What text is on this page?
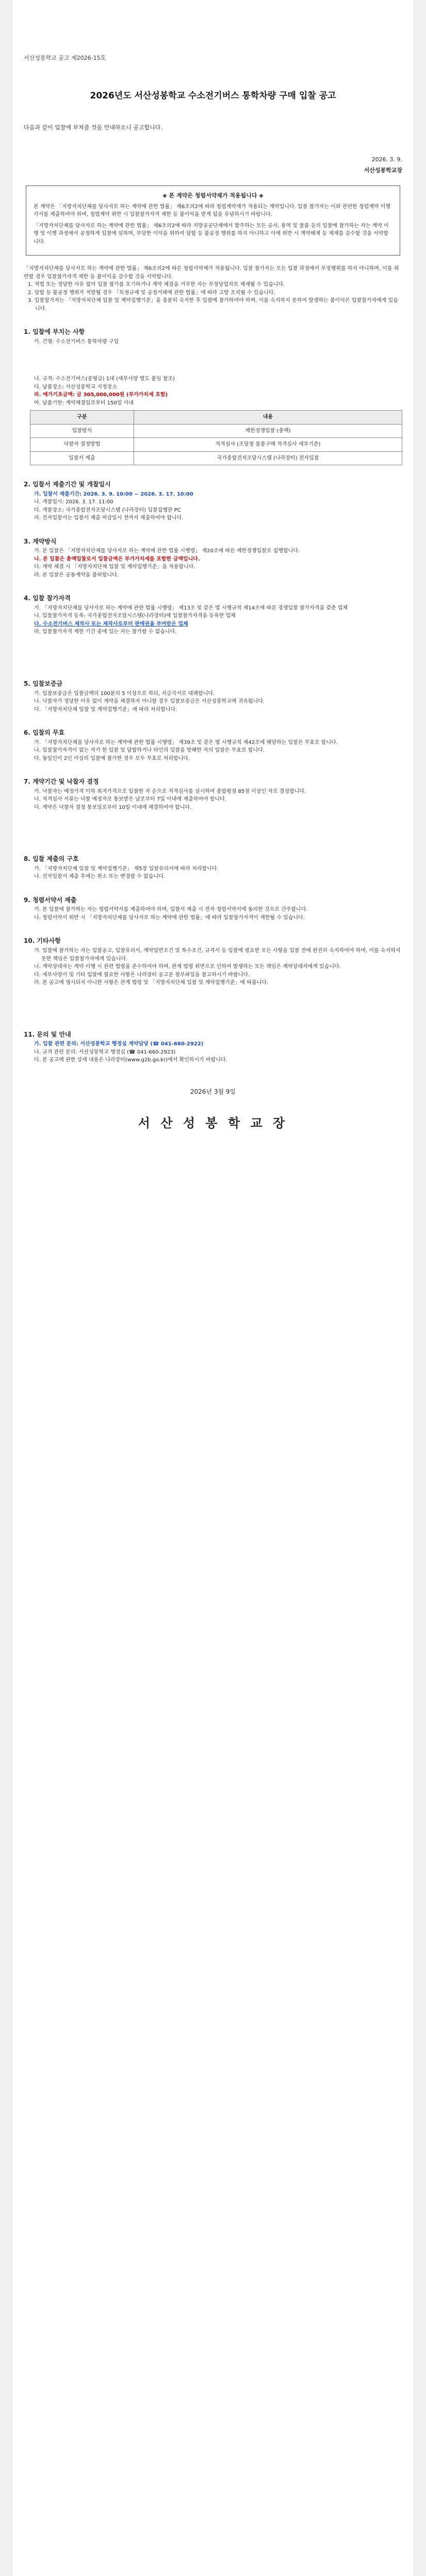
서산성봉학교 공고 제2026-15호
2026년도 서산성봉학교 수소전기버스 통학차량 구매 입찰 공고
다음과 같이 입찰에 부쳐줄 것을 안내하오니 공고합니다.
2026. 3. 9.
서산성봉학교장
◈ 본 계약은 청렴서약제가 적용됩니다 ◈

본 계약은 「지방자치단체를 당사자로 하는 계약에 관한 법률」 제6조의2에 따라 청렴계약제가 적용되는 계약입니다. 입찰 참가자는 이와 관련한 청렴계약 이행각서를 제출하여야 하며, 청렴계약 위반 시 입찰참가자격 제한 등 불이익을 받게 됨을 유념하시기 바랍니다.

「지방자치단체를 당사자로 하는 계약에 관한 법률」 제6조의2에 따라 지방공공단체에서 발주하는 모든 공사, 용역 및 물품 등의 입찰에 참가하는 자는 계약 이행 및 이행 과정에서 공정하게 입찰에 임하며, 부당한 이익을 위하여 담합 등 불공정 행위를 하지 아니하고 이에 위반 시 계약해제 등 제재를 감수할 것을 서약합니다.

「지방자치단체를 당사자로 하는 계약에 관한 법률」 제6조의2에 따른 청렴서약제가 적용됩니다. 입찰 참가자는 모든 입찰 과정에서 부정행위를 하지 아니하며, 이를 위반할 경우 입찰참가자격 제한 등 불이익을 감수할 것을 서약합니다.
1. 적법 또는 정당한 사유 없이 입찰 참가를 포기하거나 계약 체결을 거부한 자는 부정당업자로 제재될 수 있습니다.
2. 담합 등 불공정 행위가 적발될 경우 「독점규제 및 공정거래에 관한 법률」에 따라 고발 조치될 수 있습니다.
3. 입찰참가자는 「지방자치단체 입찰 및 계약집행기준」을 충분히 숙지한 후 입찰에 참가하여야 하며, 이를 숙지하지 못하여 발생하는 불이익은 입찰참가자에게 있습니다.
1. 입찰에 부치는 사항
가. 건명: 수소전기버스 통학차량 구입
나. 규격: 수소전기버스(중형급) 1대 (세부사양 별도 붙임 참조)
다. 납품장소: 서산성봉학교 지정장소
라. 예가기초금액: 금 305,000,000원 (부가가치세 포함)
마. 납품기한: 계약체결일로부터 150일 이내
구분	내용
입찰방식	제한경쟁입찰 (총액)
낙찰자 결정방법	적격심사 (조달청 물품구매 적격심사 세부기준)
입찰서 제출	국가종합전자조달시스템 (나라장터) 전자입찰
2. 입찰서 제출기간 및 개찰일시
가. 입찰서 제출기간: 2026. 3. 9. 10:00 ~ 2026. 3. 17. 10:00
나. 개찰일시: 2026. 3. 17. 11:00
다. 개찰장소: 국가종합전자조달시스템 (나라장터) 입찰집행관 PC
라. 전자입찰서는 입찰서 제출 마감일시 전까지 제출하여야 합니다.
3. 계약방식
가. 본 입찰은 「지방자치단체를 당사자로 하는 계약에 관한 법률 시행령」 제20조에 따른 제한경쟁입찰로 집행합니다.
나. 본 입찰은 총액입찰로서 입찰금액은 부가가치세를 포함한 금액입니다.
다. 계약 체결 시 「지방자치단체 입찰 및 계약집행기준」을 적용합니다.
라. 본 입찰은 공동계약을 불허합니다.
4. 입찰 참가자격
가. 「지방자치단체를 당사자로 하는 계약에 관한 법률 시행령」 제13조 및 같은 법 시행규칙 제14조에 따른 경쟁입찰 참가자격을 갖춘 업체
나. 입찰참가자격 등록: 국가종합전자조달시스템(나라장터)에 입찰참가자격을 등록한 업체
다. 수소전기버스 제작사 또는 제작사로부터 판매권을 부여받은 업체
라. 입찰참가자격 제한 기간 중에 있는 자는 참가할 수 없습니다.
5. 입찰보증금
가. 입찰보증금은 입찰금액의 100분의 5 이상으로 하되, 지급각서로 대체합니다.
나. 낙찰자가 정당한 이유 없이 계약을 체결하지 아니할 경우 입찰보증금은 서산성봉학교에 귀속됩니다.
다. 「지방자치단체 입찰 및 계약집행기준」에 따라 처리합니다.
6. 입찰의 무효
가. 「지방자치단체를 당사자로 하는 계약에 관한 법률 시행령」 제39조 및 같은 법 시행규칙 제42조에 해당하는 입찰은 무효로 합니다.
나. 입찰참가자격이 없는 자가 한 입찰 및 담합하거나 타인의 입찰을 방해한 자의 입찰은 무효로 합니다.
다. 동일인이 2인 이상의 입찰에 참가한 경우 모두 무효로 처리합니다.
7. 계약기간 및 낙찰자 결정
가. 낙찰자는 예정가격 이하 최저가격으로 입찰한 자 순으로 적격심사를 실시하여 종합평점 85점 이상인 자로 결정합니다.
나. 적격심사 서류는 낙찰 예정자로 통보받은 날로부터 7일 이내에 제출하여야 합니다.
다. 계약은 낙찰자 결정 통보일로부터 10일 이내에 체결하여야 합니다.
8. 입찰 제출의 구호
가. 「지방자치단체 입찰 및 계약집행기준」 제5장 입찰유의서에 따라 처리합니다.
나. 전자입찰서 제출 후에는 취소 또는 변경할 수 없습니다.
9. 청렴서약서 제출
가. 본 입찰에 참가하는 자는 청렴서약서를 제출하여야 하며, 입찰서 제출 시 전자 청렴서약서에 동의한 것으로 간주합니다.
나. 청렴서약서 위반 시 「지방자치단체를 당사자로 하는 계약에 관한 법률」에 따라 입찰참가자격이 제한될 수 있습니다.
10. 기타사항
가. 입찰에 참가하는 자는 입찰공고, 입찰유의서, 계약일반조건 및 특수조건, 규격서 등 입찰에 필요한 모든 사항을 입찰 전에 완전히 숙지하여야 하며, 이를 숙지하지 못한 책임은 입찰참가자에게 있습니다.
나. 계약상대자는 계약 이행 시 관련 법령을 준수하여야 하며, 관계 법령 위반으로 인하여 발생하는 모든 책임은 계약상대자에게 있습니다.
다. 세부사양서 및 기타 입찰에 필요한 사항은 나라장터 공고문 첨부파일을 참고하시기 바랍니다.
라. 본 공고에 명시되지 아니한 사항은 관계 법령 및 「지방자치단체 입찰 및 계약집행기준」에 따릅니다.
11. 문의 및 안내
가. 입찰 관련 문의: 서산성봉학교 행정실 계약담당 (☎ 041-660-2922)
나. 규격 관련 문의: 서산성봉학교 행정실 (☎ 041-660-2923)
다. 본 공고에 관한 상세 내용은 나라장터(www.g2b.go.kr)에서 확인하시기 바랍니다.
2026년 3월 9일
서 산 성 봉 학 교 장
